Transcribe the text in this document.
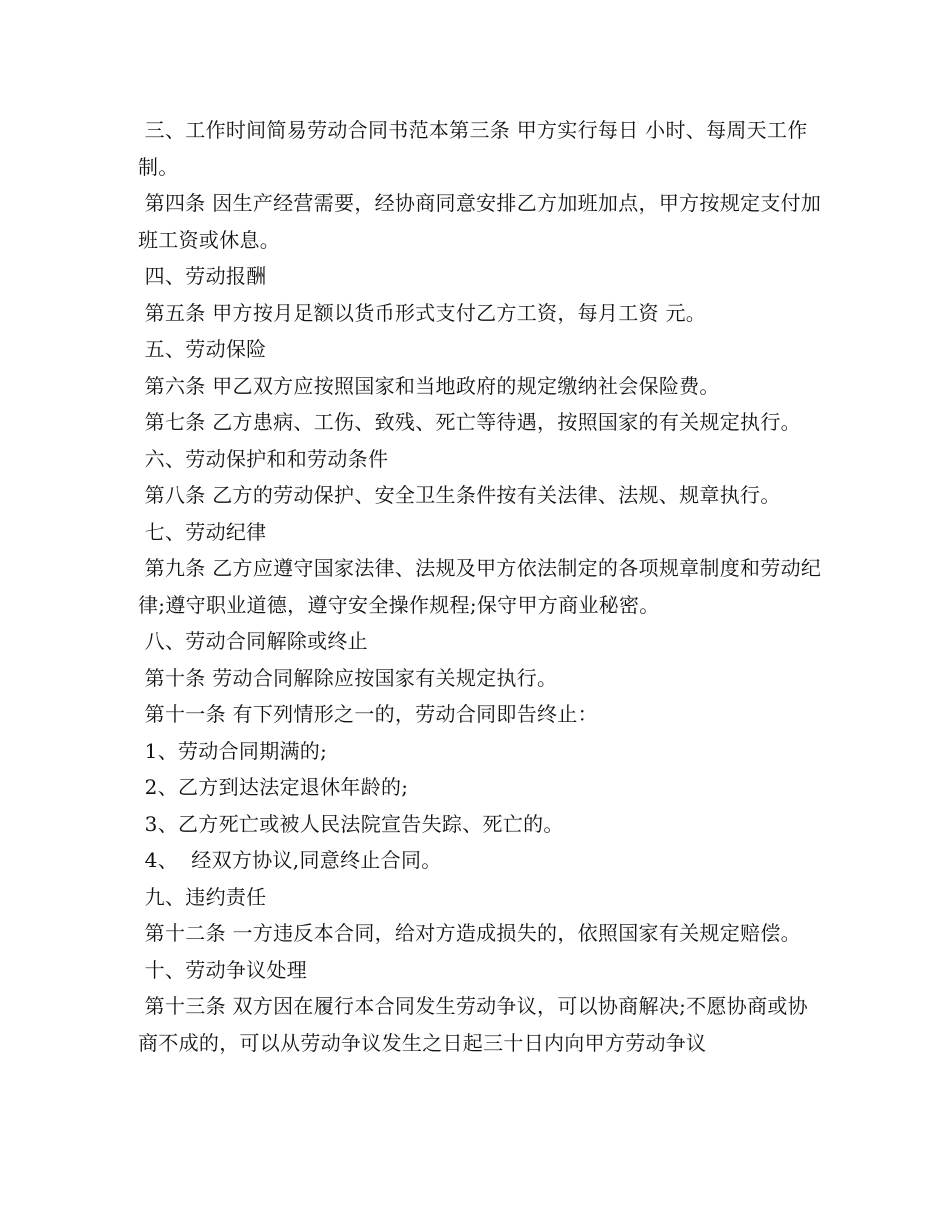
三、工作时间简易劳动合同书范本第三条 甲方实行每日 小时、每周天工作制。

第四条 因生产经营需要，经协商同意安排乙方加班加点，甲方按规定支付加班工资或休息。

四、劳动报酬

第五条 甲方按月足额以货币形式支付乙方工资，每月工资 元。

五、劳动保险

第六条 甲乙双方应按照国家和当地政府的规定缴纳社会保险费。

第七条 乙方患病、工伤、致残、死亡等待遇，按照国家的有关规定执行。

六、劳动保护和和劳动条件

第八条 乙方的劳动保护、安全卫生条件按有关法律、法规、规章执行。

七、劳动纪律

第九条 乙方应遵守国家法律、法规及甲方依法制定的各项规章制度和劳动纪律;遵守职业道德，遵守安全操作规程;保守甲方商业秘密。

八、劳动合同解除或终止

第十条 劳动合同解除应按国家有关规定执行。

第十一条 有下列情形之一的，劳动合同即告终止：

1、劳动合同期满的;

2、乙方到达法定退休年龄的;

3、乙方死亡或被人民法院宣告失踪、死亡的。

4、  经双方协议,同意终止合同。

九、违约责任

第十二条 一方违反本合同，给对方造成损失的，依照国家有关规定赔偿。

十、劳动争议处理

第十三条 双方因在履行本合同发生劳动争议，可以协商解决;不愿协商或协商不成的，可以从劳动争议发生之日起三十日内向甲方劳动争议
